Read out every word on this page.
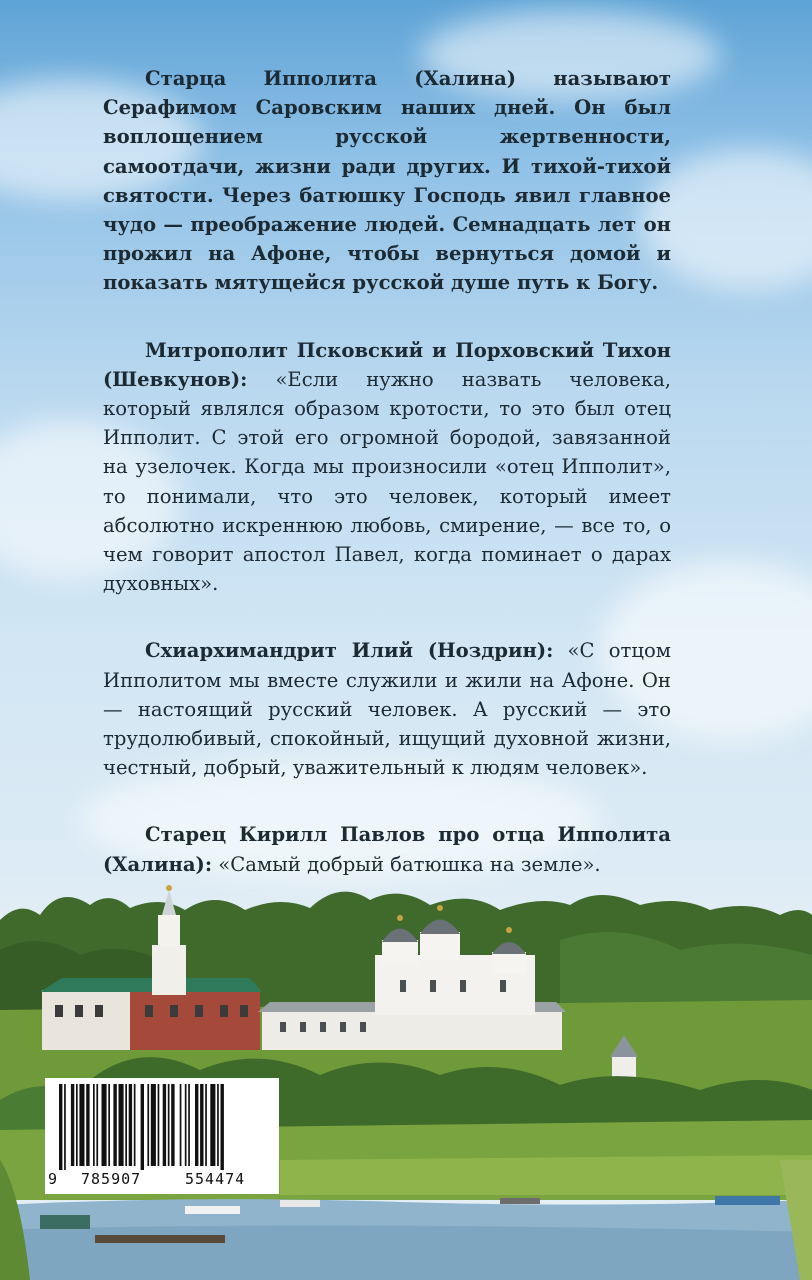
Старца Ипполита (Халина) называют Серафимом Саровским наших дней. Он был воплощением русской жертвенности, самоотдачи, жизни ради других. И тихой-тихой святости. Через батюшку Господь явил главное чудо — преображение людей. Семнадцать лет он прожил на Афоне, чтобы вернуться домой и показать мятущейся русской душе путь к Богу.

Митрополит Псковский и Порховский Тихон (Шевкунов): «Если нужно назвать человека, который являлся образом кротости, то это был отец Ипполит. С этой его огромной бородой, завязанной на узелочек. Когда мы произносили «отец Ипполит», то понимали, что это человек, который имеет абсолютно искреннюю любовь, смирение, — все то, о чем говорит апостол Павел, когда поминает о дарах духовных».

Схиархимандрит Илий (Ноздрин): «С отцом Ипполитом мы вместе служили и жили на Афоне. Он — настоящий русский человек. А русский — это трудолюбивый, спокойный, ищущий духовной жизни, честный, добрый, уважительный к людям человек».

Старец Кирилл Павлов про отца Ипполита (Халина): «Самый добрый батюшка на земле».

9 785907	554474
